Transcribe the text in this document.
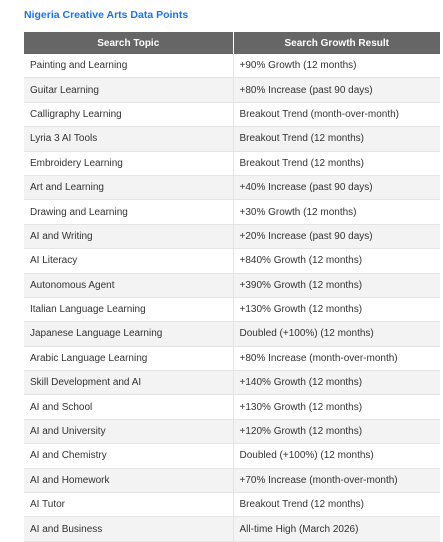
Nigeria Creative Arts Data Points
Search Topic	Search Growth Result
Painting and Learning	+90% Growth (12 months)
Guitar Learning	+80% Increase (past 90 days)
Calligraphy Learning	Breakout Trend (month-over-month)
Lyria 3 AI Tools	Breakout Trend (12 months)
Embroidery Learning	Breakout Trend (12 months)
Art and Learning	+40% Increase (past 90 days)
Drawing and Learning	+30% Growth (12 months)
AI and Writing	+20% Increase (past 90 days)
AI Literacy	+840% Growth (12 months)
Autonomous Agent	+390% Growth (12 months)
Italian Language Learning	+130% Growth (12 months)
Japanese Language Learning	Doubled (+100%) (12 months)
Arabic Language Learning	+80% Increase (month-over-month)
Skill Development and AI	+140% Growth (12 months)
AI and School	+130% Growth (12 months)
AI and University	+120% Growth (12 months)
AI and Chemistry	Doubled (+100%) (12 months)
AI and Homework	+70% Increase (month-over-month)
AI Tutor	Breakout Trend (12 months)
AI and Business	All-time High (March 2026)
